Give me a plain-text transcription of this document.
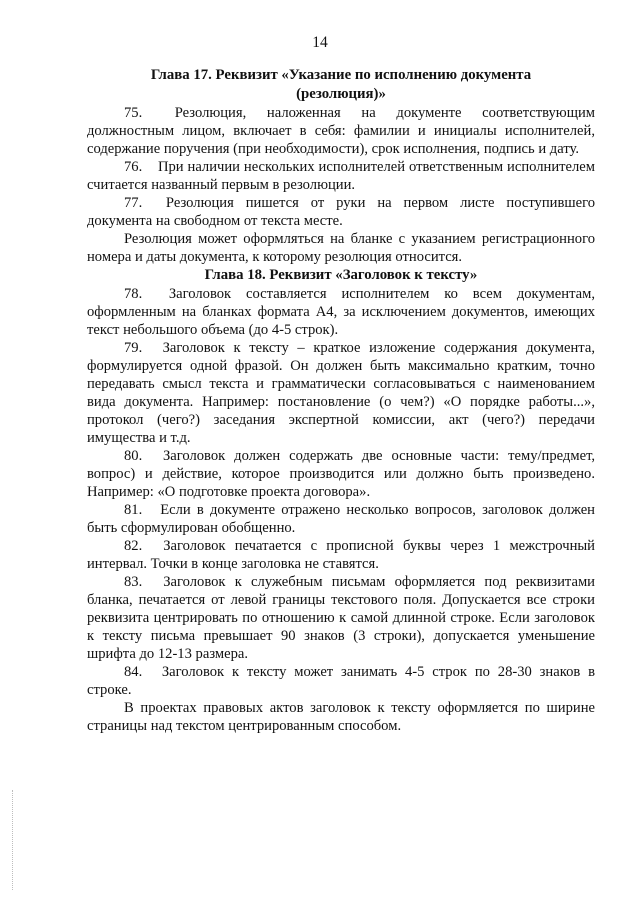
14
Глава 17. Реквизит «Указание по исполнению документа
(резолюция)»

75. Резолюция, наложенная на документе соответствующим должностным лицом, включает в себя: фамилии и инициалы исполнителей, содержание поручения (при необходимости), срок исполнения, подпись и дату.

76. При наличии нескольких исполнителей ответственным исполнителем считается названный первым в резолюции.

77. Резолюция пишется от руки на первом листе поступившего документа на свободном от текста месте.

Резолюция может оформляться на бланке с указанием регистрационного номера и даты документа, к которому резолюция относится.

Глава 18. Реквизит «Заголовок к тексту»

78. Заголовок составляется исполнителем ко всем документам, оформленным на бланках формата А4, за исключением документов, имеющих текст небольшого объема (до 4-5 строк).

79. Заголовок к тексту – краткое изложение содержания документа, формулируется одной фразой. Он должен быть максимально кратким, точно передавать смысл текста и грамматически согласовываться с наименованием вида документа. Например: постановление (о чем?) «О порядке работы...», протокол (чего?) заседания экспертной комиссии, акт (чего?) передачи имущества и т.д.

80. Заголовок должен содержать две основные части: тему/предмет, вопрос) и действие, которое производится или должно быть произведено. Например: «О подготовке проекта договора».

81. Если в документе отражено несколько вопросов, заголовок должен быть сформулирован обобщенно.

82. Заголовок печатается с прописной буквы через 1 межстрочный интервал. Точки в конце заголовка не ставятся.

83. Заголовок к служебным письмам оформляется под реквизитами бланка, печатается от левой границы текстового поля. Допускается все строки реквизита центрировать по отношению к самой длинной строке. Если заголовок к тексту письма превышает 90 знаков (3 строки), допускается уменьшение шрифта до 12-13 размера.

84. Заголовок к тексту может занимать 4-5 строк по 28-30 знаков в строке.

В проектах правовых актов заголовок к тексту оформляется по ширине страницы над текстом центрированным способом.
